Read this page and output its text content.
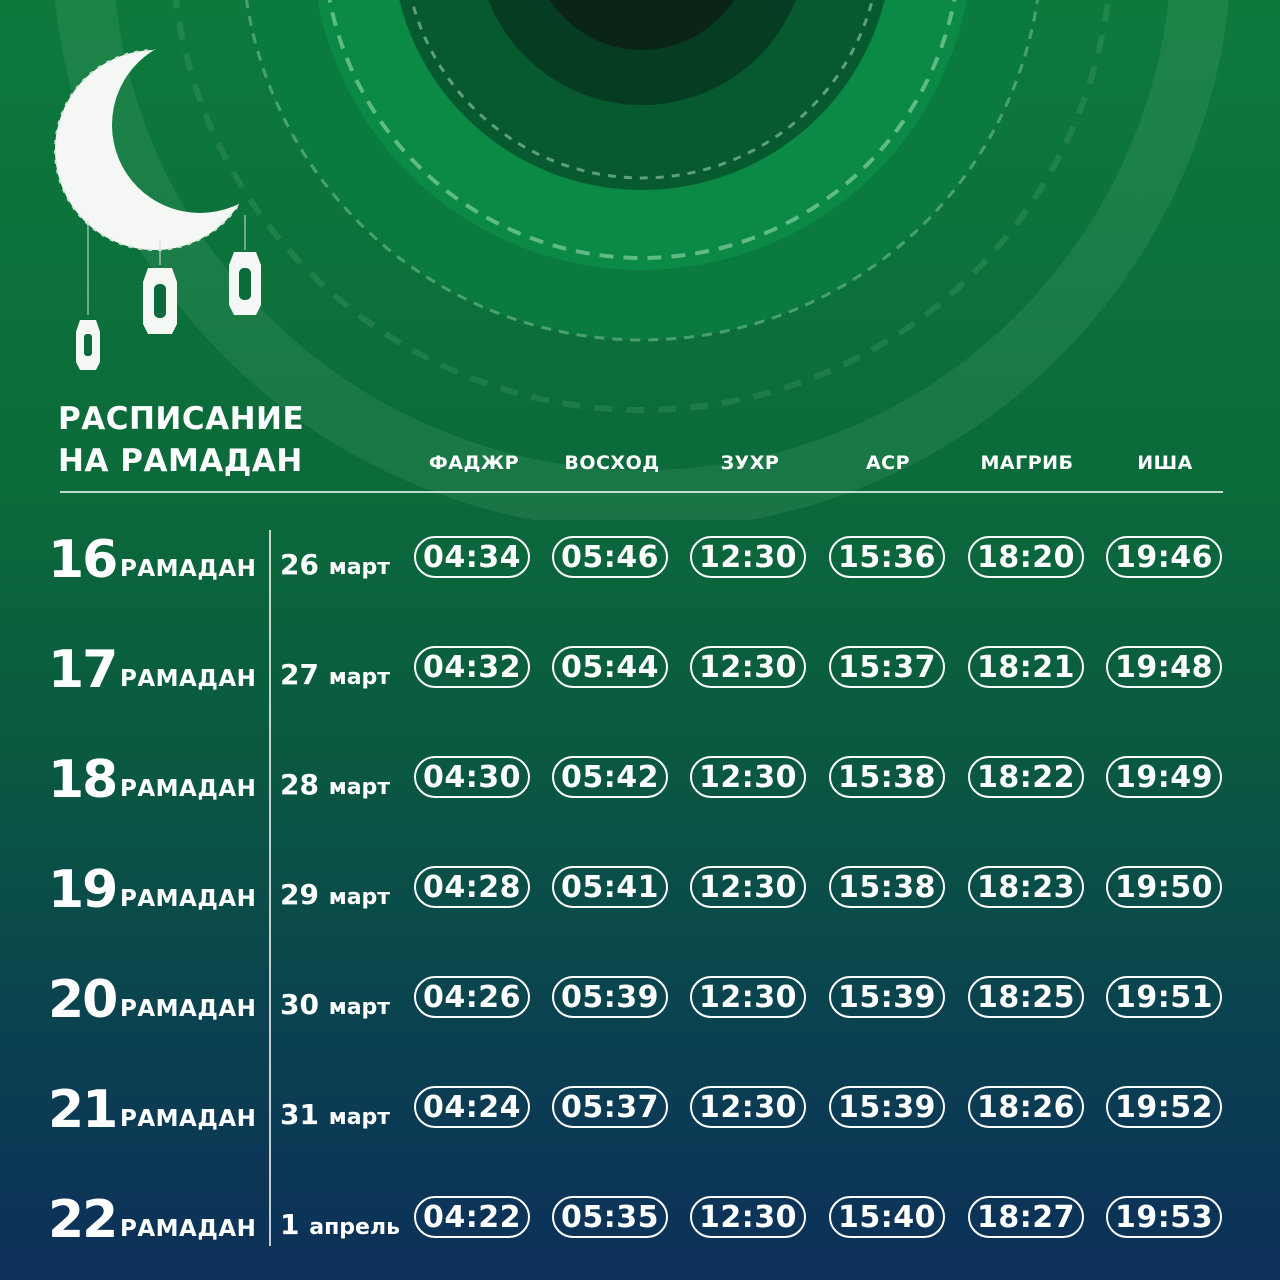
РАСПИСАНИЕ
НА РАМАДАН	ФАДЖР	ВОСХОД	ЗУХР	АСР	МАГРИБ	ИША
16 РАМАДАН 26 март	04:34	05:46	12:30	15:36	18:20	19:46
17 РАМАДАН 27 март	04:32	05:44	12:30	15:37	18:21	19:48
18 РАМАДАН 28 март	04:30	05:42	12:30	15:38	18:22	19:49
19 РАМАДАН 29 март	04:28	05:41	12:30	15:38	18:23	19:50
20 РАМАДАН 30 март	04:26	05:39	12:30	15:39	18:25	19:51
21 РАМАДАН 31 март	04:24	05:37	12:30	15:39	18:26	19:52
22 РАМАДАН 1 апрель 04:22	05:35	12:30	15:40	18:27	19:53
